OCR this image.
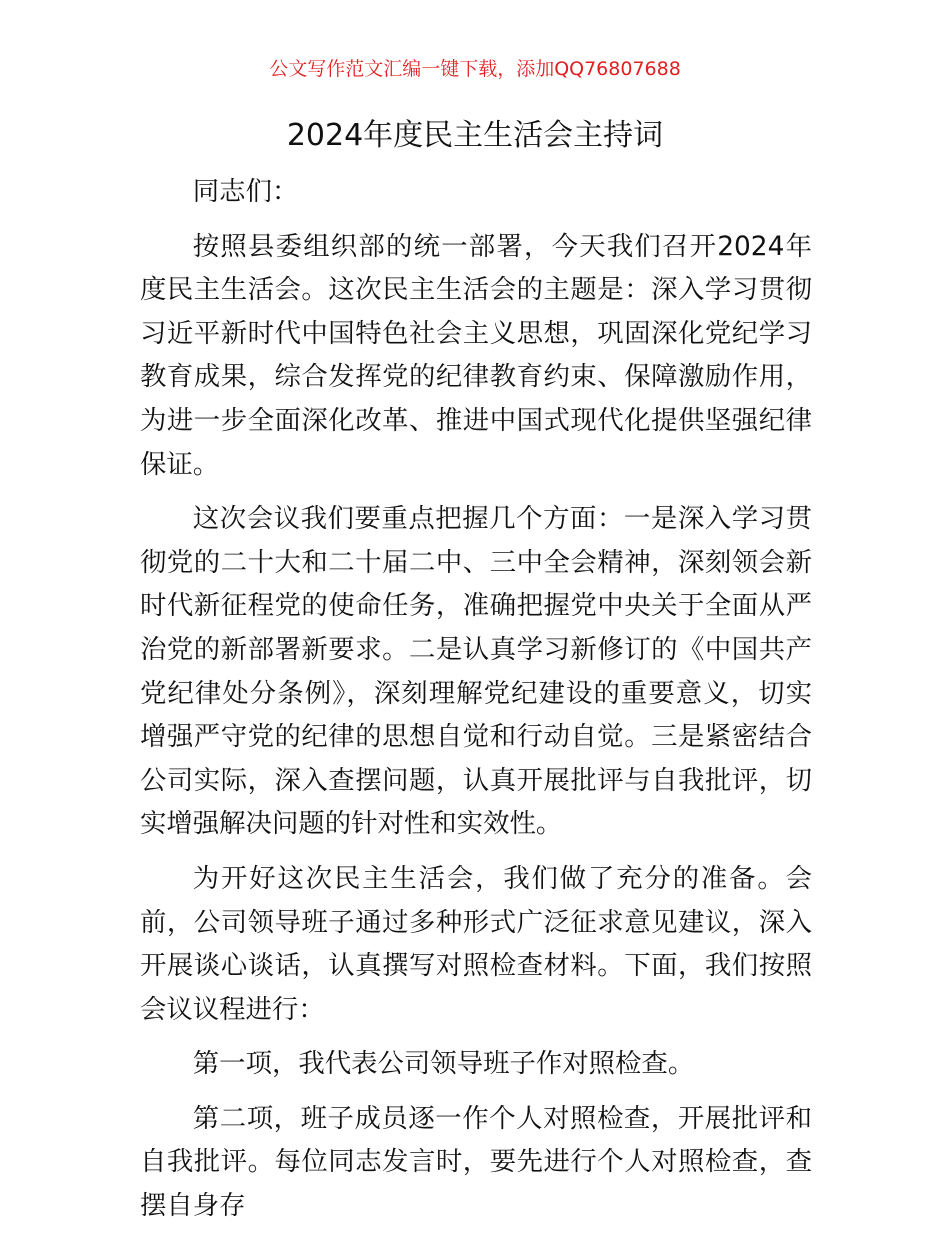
公文写作范文汇编一键下载，添加QQ76807688
2024年度民主生活会主持词

同志们：

按照县委组织部的统一部署，今天我们召开2024年度民主生活会。这次民主生活会的主题是：深入学习贯彻习近平新时代中国特色社会主义思想，巩固深化党纪学习教育成果，综合发挥党的纪律教育约束、保障激励作用，为进一步全面深化改革、推进中国式现代化提供坚强纪律保证。

这次会议我们要重点把握几个方面：一是深入学习贯彻党的二十大和二十届二中、三中全会精神，深刻领会新时代新征程党的使命任务，准确把握党中央关于全面从严治党的新部署新要求。二是认真学习新修订的《中国共产党纪律处分条例》，深刻理解党纪建设的重要意义，切实增强严守党的纪律的思想自觉和行动自觉。三是紧密结合公司实际，深入查摆问题，认真开展批评与自我批评，切实增强解决问题的针对性和实效性。

为开好这次民主生活会，我们做了充分的准备。会前，公司领导班子通过多种形式广泛征求意见建议，深入开展谈心谈话，认真撰写对照检查材料。下面，我们按照会议议程进行：

第一项，我代表公司领导班子作对照检查。

第二项，班子成员逐一作个人对照检查，开展批评和自我批评。每位同志发言时，要先进行个人对照检查，查摆自身存
